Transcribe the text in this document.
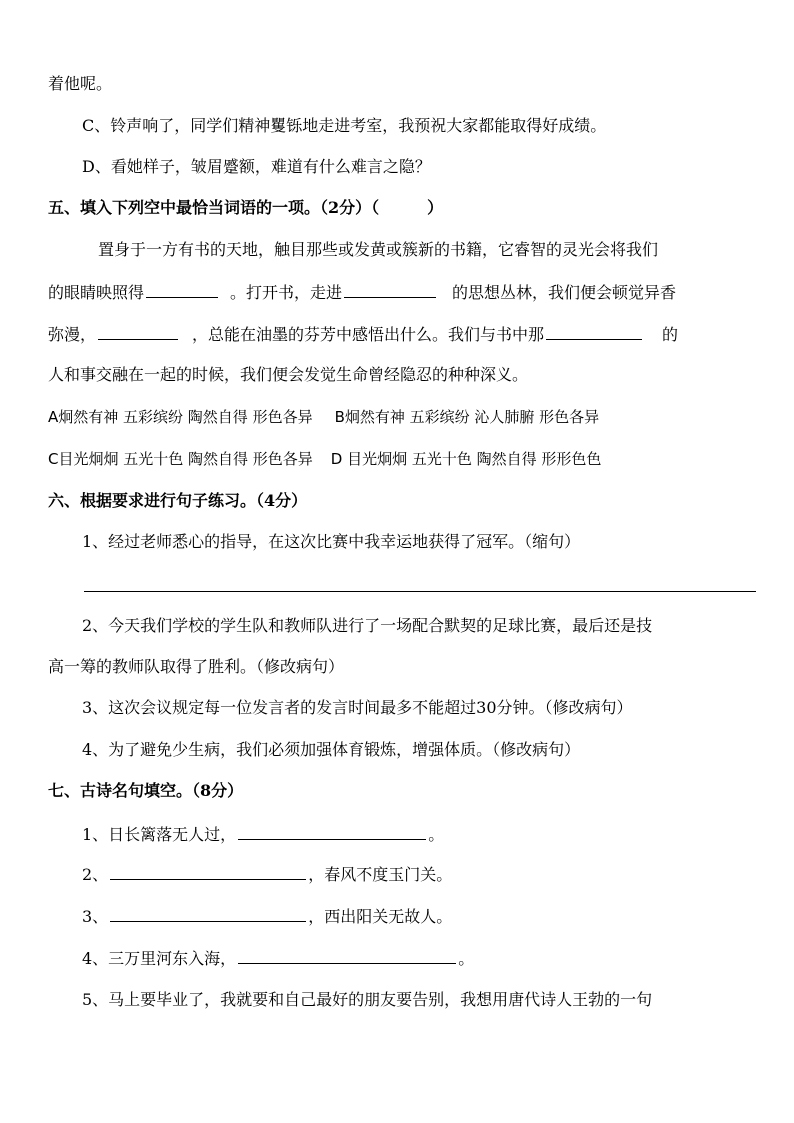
着他呢。
C、铃声响了，同学们精神矍铄地走进考室，我预祝大家都能取得好成绩。
D、看她样子，皱眉蹙额，难道有什么难言之隐？
五、填入下列空中最恰当词语的一项。（2分）（　　　）
置身于一方有书的天地，触目那些或发黄或簇新的书籍，它睿智的灵光会将我们
的眼睛映照得	。打开书，走进	的思想丛林，我们便会顿觉异香
弥漫，	，总能在油墨的芬芳中感悟出什么。我们与书中那	的
人和事交融在一起的时候，我们便会发觉生命曾经隐忍的种种深义。
A炯然有神 五彩缤纷 陶然自得 形色各异 B炯然有神 五彩缤纷 沁人肺腑 形色各异
C目光炯炯 五光十色 陶然自得 形色各异 D 目光炯炯 五光十色 陶然自得 形形色色
六、根据要求进行句子练习。（4分）
1、经过老师悉心的指导，在这次比赛中我幸运地获得了冠军。（缩句）
2、今天我们学校的学生队和教师队进行了一场配合默契的足球比赛，最后还是技
高一筹的教师队取得了胜利。（修改病句）
3、这次会议规定每一位发言者的发言时间最多不能超过30分钟。（修改病句）
4、为了避免少生病，我们必须加强体育锻炼，增强体质。（修改病句）
七、古诗名句填空。（8分）
1、日长篱落无人过，	。
2、	，春风不度玉门关。
3、	，西出阳关无故人。
4、三万里河东入海，	。
5、马上要毕业了，我就要和自己最好的朋友要告别，我想用唐代诗人王勃的一句
